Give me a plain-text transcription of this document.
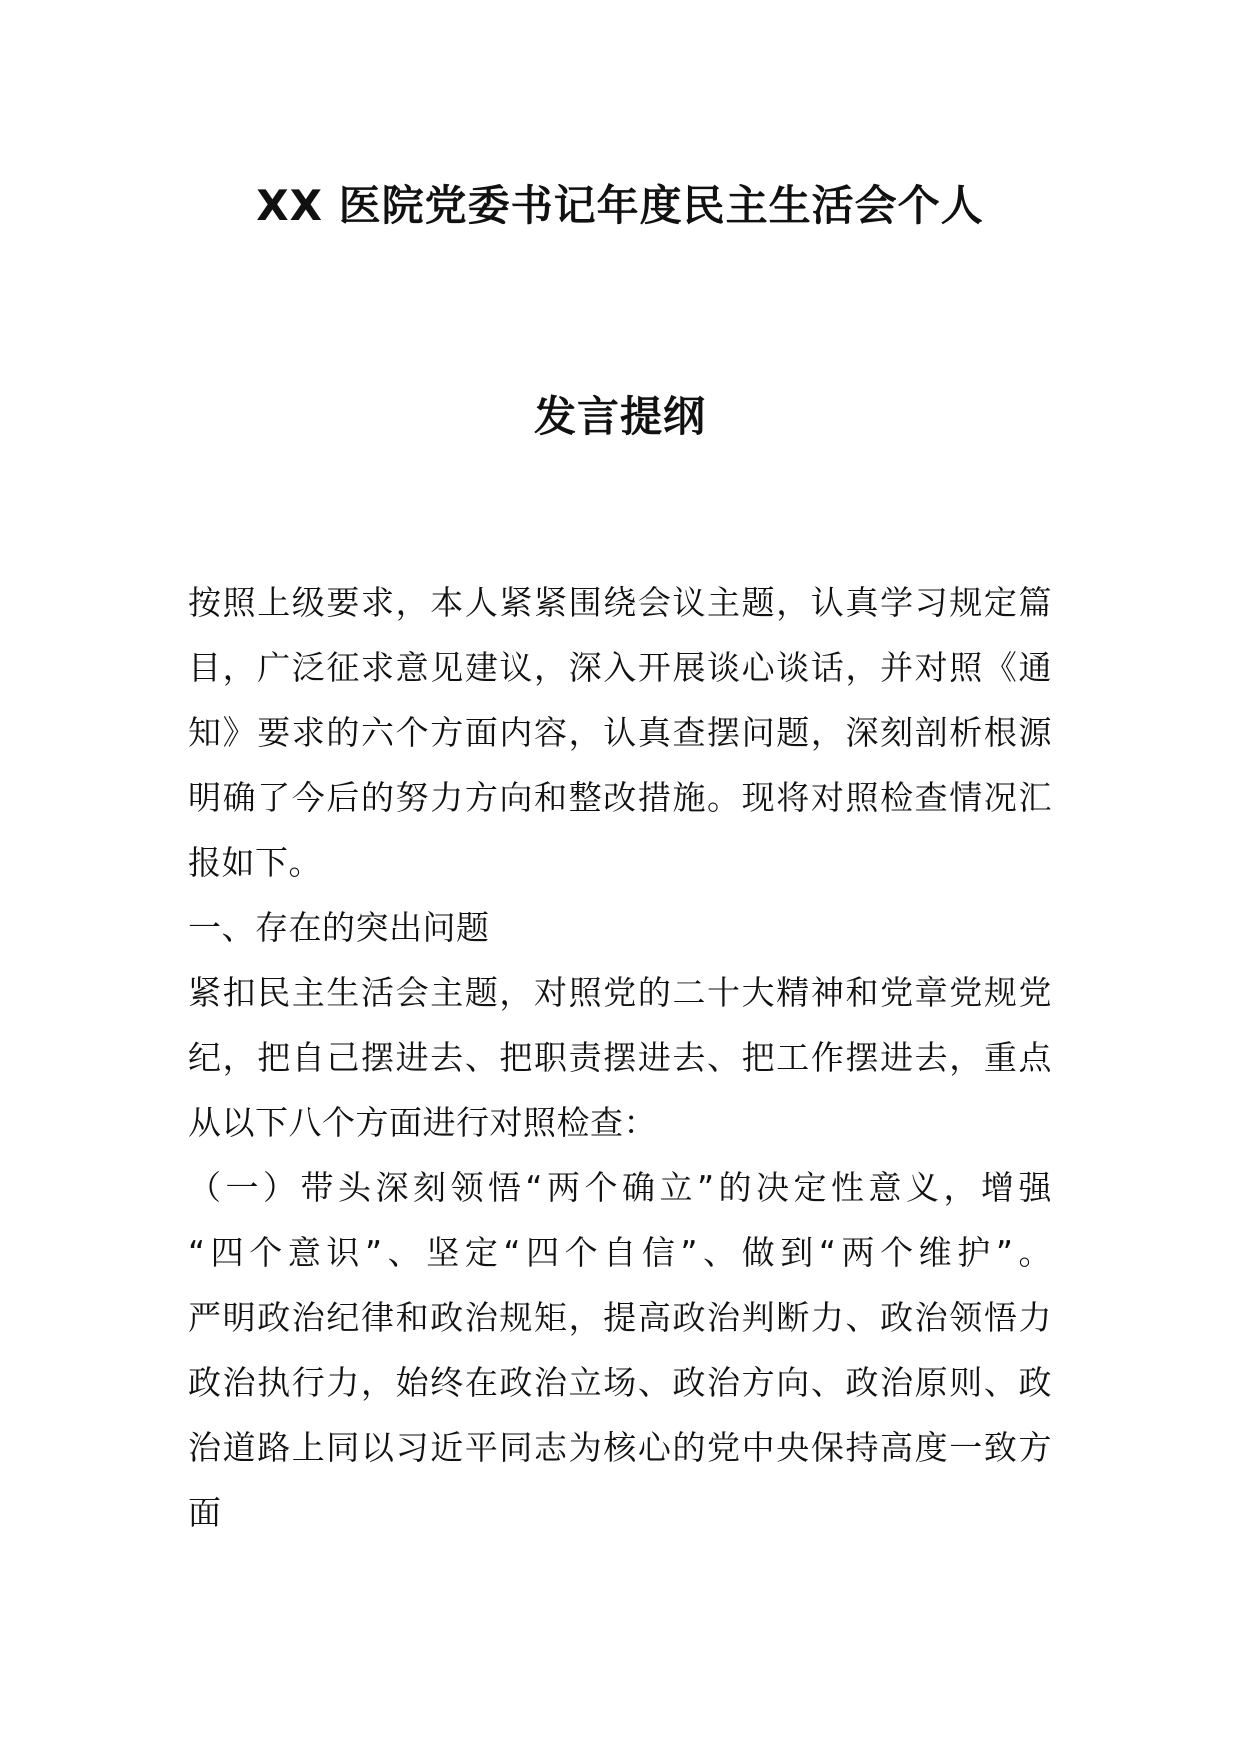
XX 医院党委书记年度民主生活会个人
发言提纲
按照上级要求，本人紧紧围绕会议主题，认真学习规定篇
目，广泛征求意见建议，深入开展谈心谈话，并对照《通
知》要求的六个方面内容，认真查摆问题，深刻剖析根源
明确了今后的努力方向和整改措施。现将对照检查情况汇
报如下。
一、存在的突出问题
紧扣民主生活会主题，对照党的二十大精神和党章党规党
纪，把自己摆进去、把职责摆进去、把工作摆进去，重点
从以下八个方面进行对照检查：
（一）带头深刻领悟“两个确立”的决定性意义，增强
“四个意识”、坚定“四个自信”、做到“两个维护”。
严明政治纪律和政治规矩，提高政治判断力、政治领悟力
政治执行力，始终在政治立场、政治方向、政治原则、政
治道路上同以习近平同志为核心的党中央保持高度一致方
面
